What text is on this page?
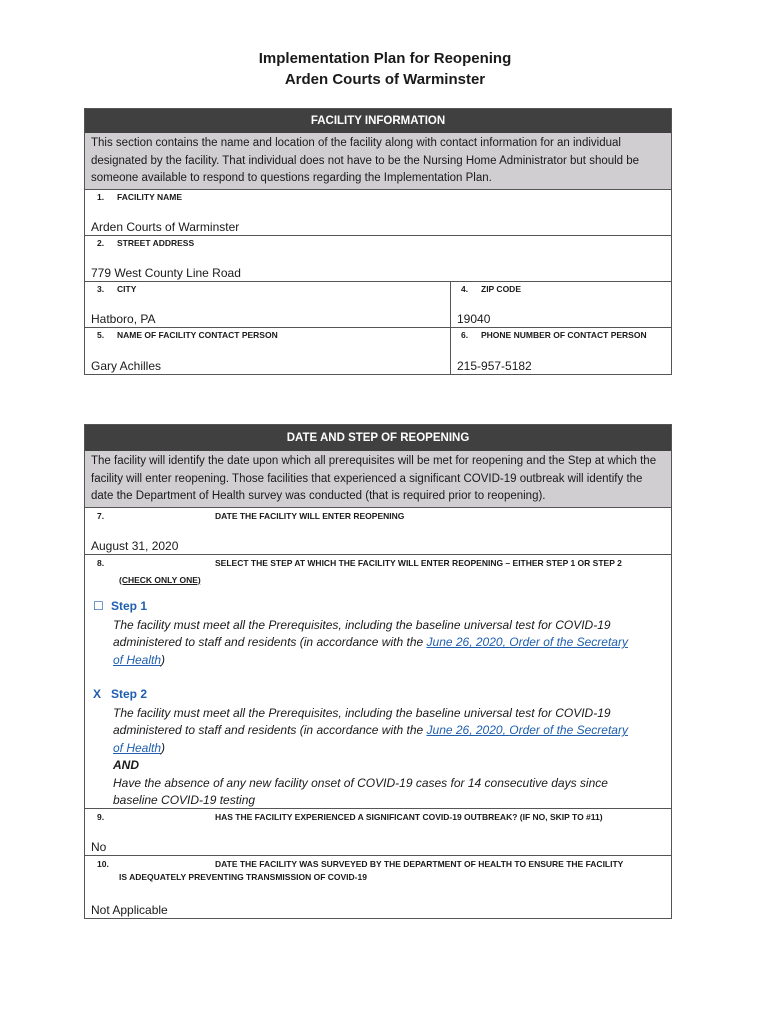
Implementation Plan for Reopening
Arden Courts of Warminster
FACILITY INFORMATION
This section contains the name and location of the facility along with contact information for an individual designated by the facility. That individual does not have to be the Nursing Home Administrator but should be someone available to respond to questions regarding the Implementation Plan.
1. FACILITY NAME
Arden Courts of Warminster
2. STREET ADDRESS
779 West County Line Road
3. CITY
Hatboro, PA
4. ZIP CODE
19040
5. NAME OF FACILITY CONTACT PERSON
Gary Achilles
6. PHONE NUMBER OF CONTACT PERSON
215-957-5182
DATE AND STEP OF REOPENING
The facility will identify the date upon which all prerequisites will be met for reopening and the Step at which the facility will enter reopening. Those facilities that experienced a significant COVID-19 outbreak will identify the date the Department of Health survey was conducted (that is required prior to reopening).
7.	DATE THE FACILITY WILL ENTER REOPENING
August 31, 2020
8.	SELECT THE STEP AT WHICH THE FACILITY WILL ENTER REOPENING – EITHER STEP 1 OR STEP 2
(CHECK ONLY ONE)
☐ Step 1
The facility must meet all the Prerequisites, including the baseline universal test for COVID-19
administered to staff and residents (in accordance with the June 26, 2020, Order of the Secretary
of Health)
X Step 2
The facility must meet all the Prerequisites, including the baseline universal test for COVID-19
administered to staff and residents (in accordance with the June 26, 2020, Order of the Secretary
of Health)
AND
Have the absence of any new facility onset of COVID-19 cases for 14 consecutive days since
baseline COVID-19 testing
9.	HAS THE FACILITY EXPERIENCED A SIGNIFICANT COVID-19 OUTBREAK? (IF NO, SKIP TO #11)
No
10.	DATE THE FACILITY WAS SURVEYED BY THE DEPARTMENT OF HEALTH TO ENSURE THE FACILITY
IS ADEQUATELY PREVENTING TRANSMISSION OF COVID-19
Not Applicable
